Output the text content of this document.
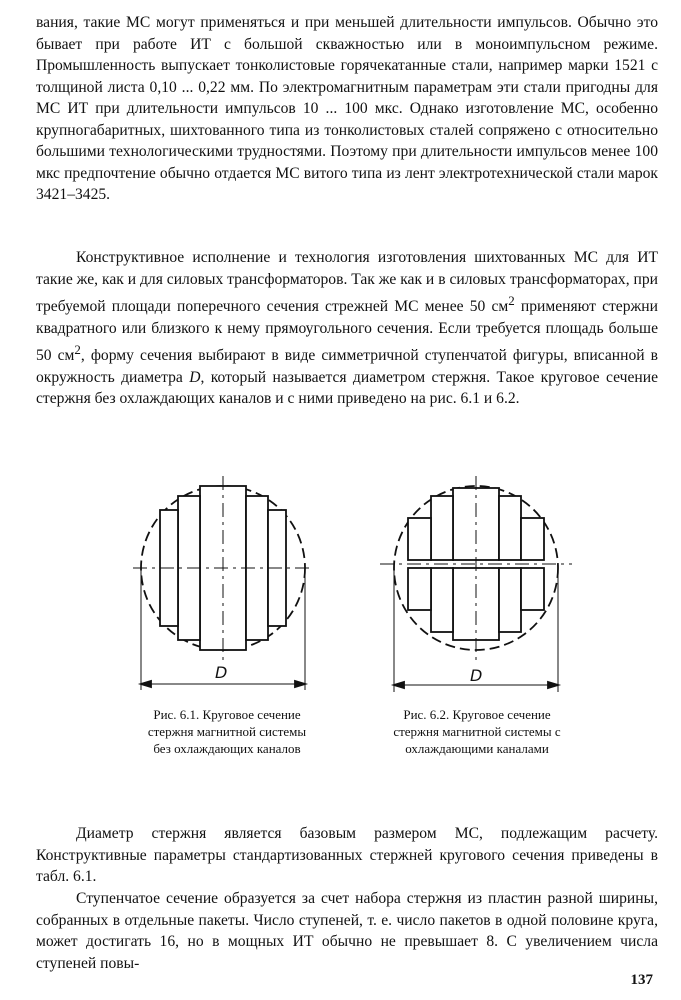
вания, такие МС могут применяться и при меньшей длительности импульсов. Обычно это бывает при работе ИТ с большой скважностью или в моноимпульсном режиме. Промышленность выпускает тонколистовые горячекатанные стали, например марки 1521 с толщиной листа 0,10 ... 0,22 мм. По электромагнитным параметрам эти стали пригодны для МС ИТ при длительности импульсов 10 ... 100 мкс. Однако изготовление МС, особенно крупногабаритных, шихтованного типа из тонколистовых сталей сопряжено с относительно большими технологическими трудностями. Поэтому при длительности импульсов менее 100 мкс предпочтение обычно отдается МС витого типа из лент электротехнической стали марок 3421–3425.

Конструктивное исполнение и технология изготовления шихтованных МС для ИТ такие же, как и для силовых трансформаторов. Так же как и в силовых трансформаторах, при требуемой площади поперечного сечения стрежней МС менее 50 $см^2$ применяют стержни квадратного или близкого к нему прямоугольного сечения. Если требуется площадь больше 50 $см^2$, форму сечения выбирают в виде симметричной ступенчатой фигуры, вписанной в окружность диаметра D, который называется диаметром стержня. Такое круговое сечение стержня без охлаждающих каналов и с ними приведено на рис. 6.1 и 6.2.

D

Рис. 6.1. Круговое сечение стержня магнитной системы без охлаждающих каналов

D

Рис. 6.2. Круговое сечение стержня магнитной системы с охлаждающими каналами

Диаметр стержня является базовым размером МС, подлежащим расчету. Конструктивные параметры стандартизованных стержней кругового сечения приведены в табл. 6.1.

Ступенчатое сечение образуется за счет набора стержня из пластин разной ширины, собранных в отдельные пакеты. Число ступеней, т. е. число пакетов в одной половине круга, может достигать 16, но в мощных ИТ обычно не превышает 8. С увеличением числа ступеней повы-

137
